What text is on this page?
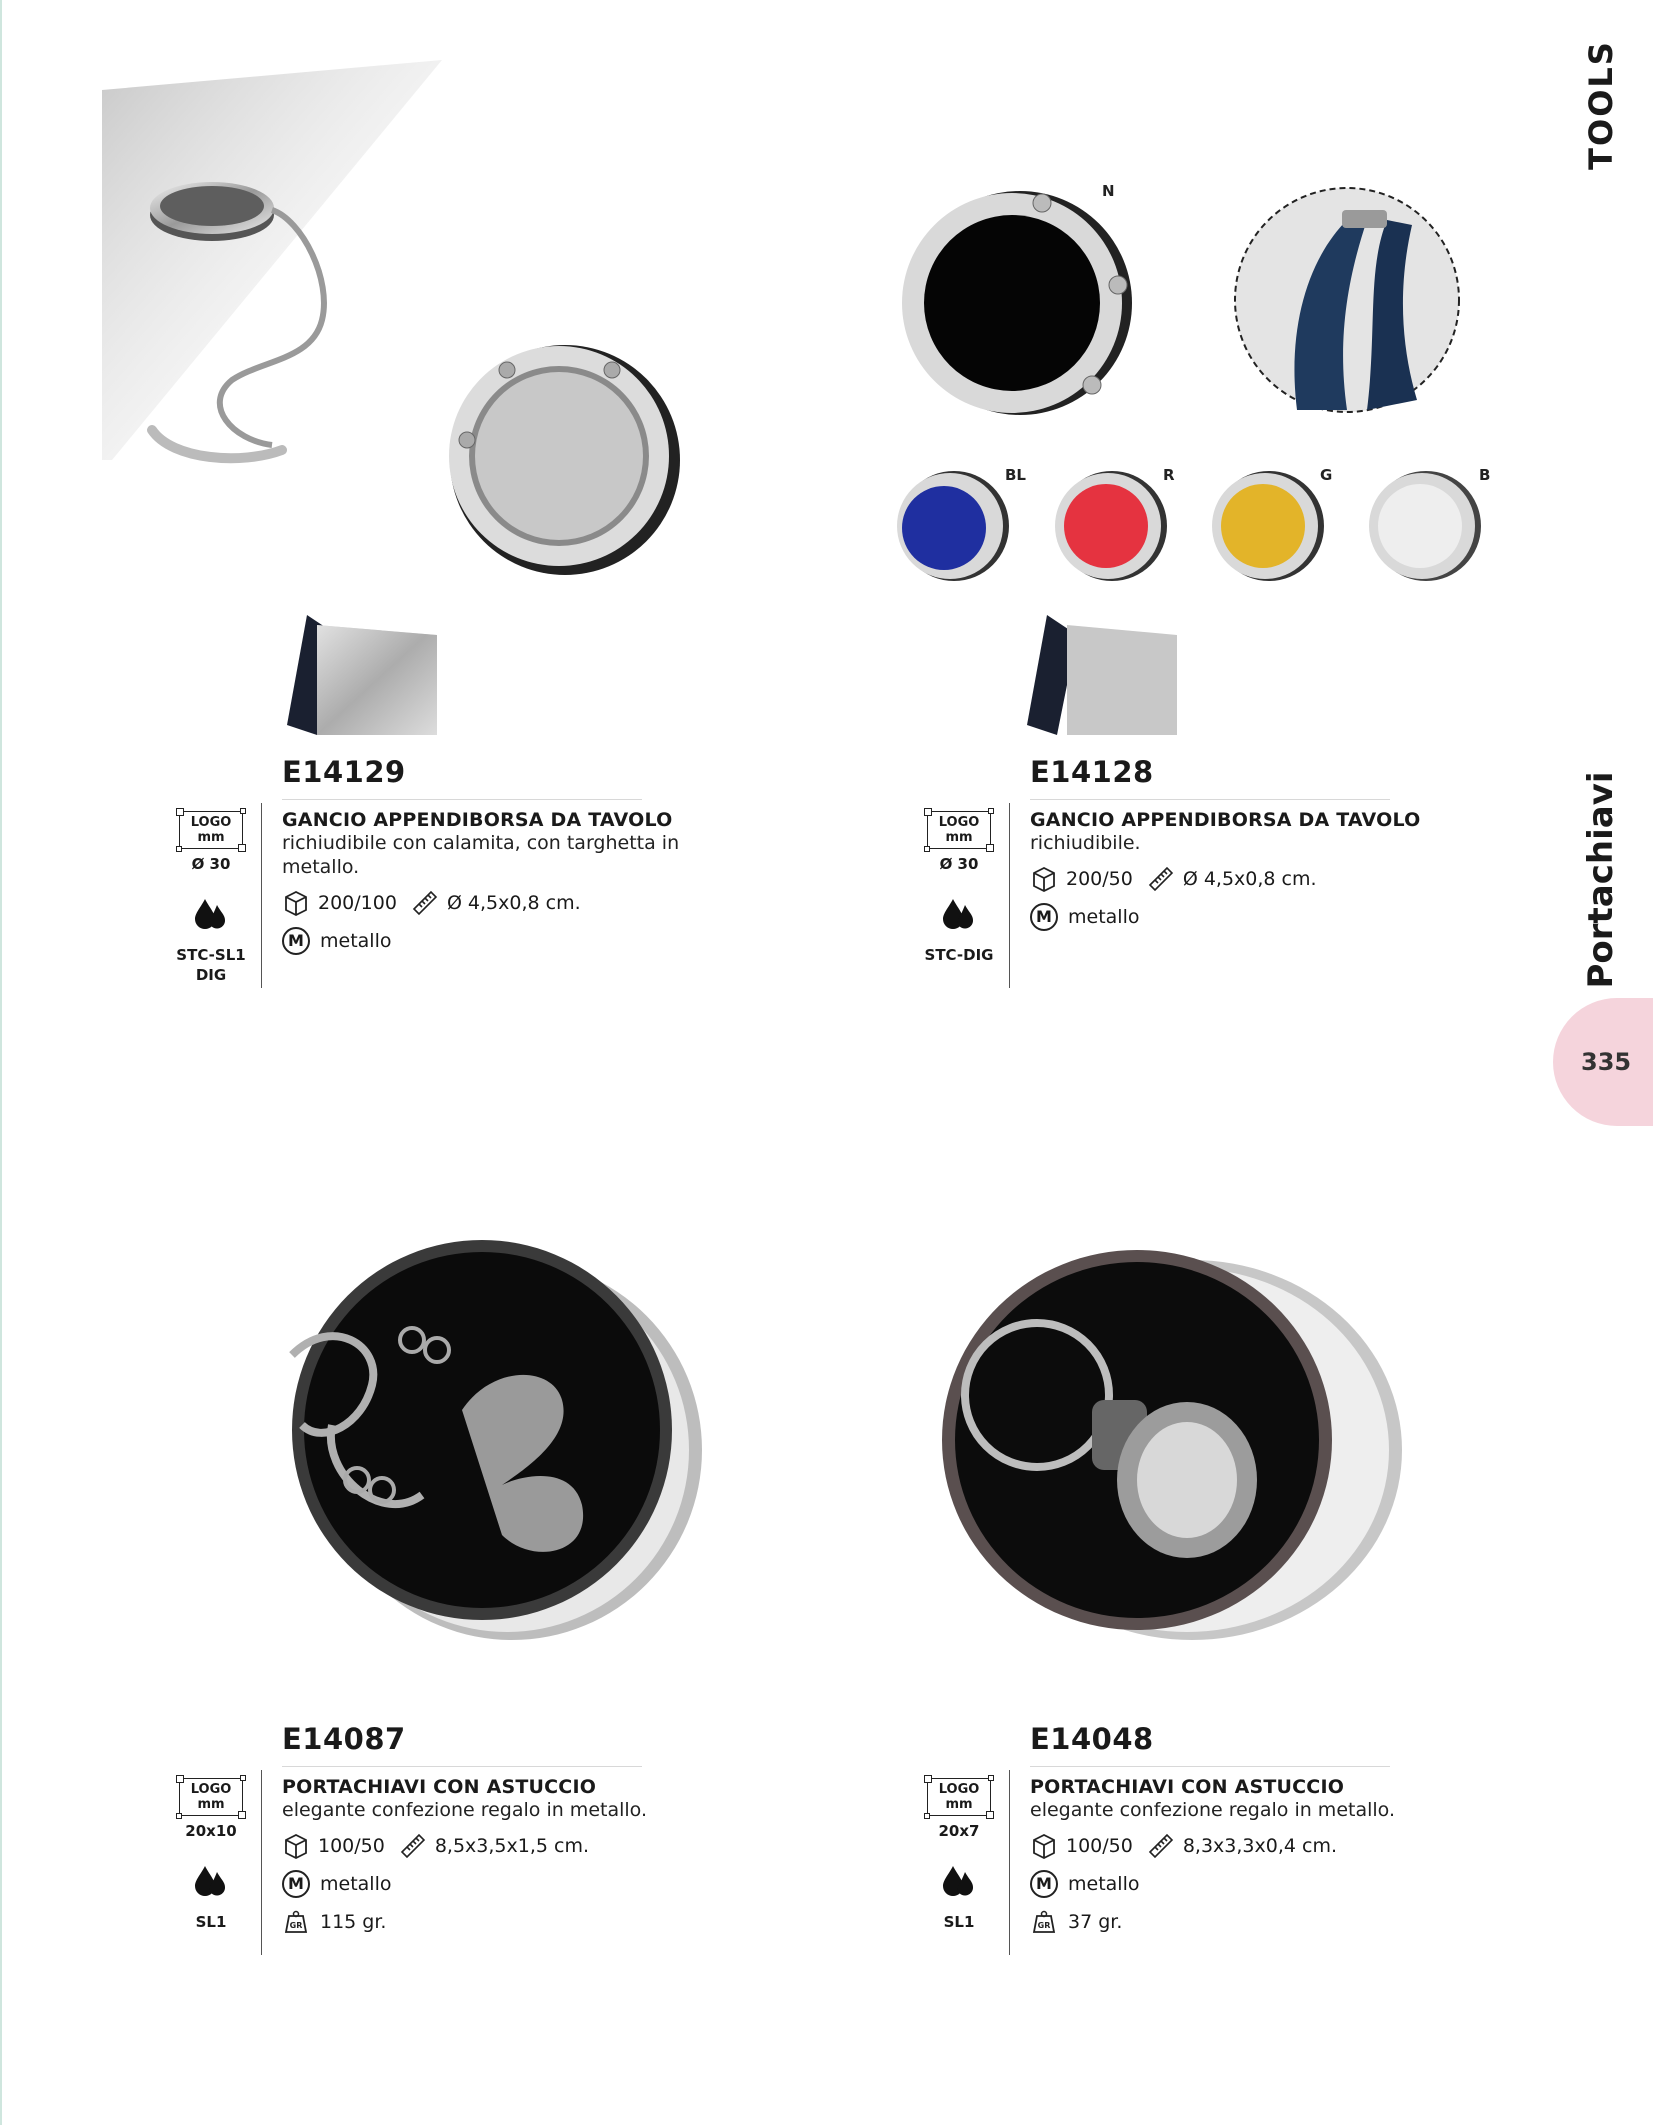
TOOLS
Portachiavi
335
N
BL	R	G	B
E14129
LOGO
mm
Ø 30
STC-SL1
DIG
GANCIO APPENDIBORSA DA TAVOLO
richiudibile con calamita, con targhetta in metallo.
200/100	Ø 4,5x0,8 cm.
M metallo
E14128
LOGO
mm
Ø 30
STC-DIG
GANCIO APPENDIBORSA DA TAVOLO
richiudibile.
200/50	Ø 4,5x0,8 cm.
M metallo
E14087
LOGO
mm
20x10
SL1
PORTACHIAVI CON ASTUCCIO
elegante confezione regalo in metallo.
100/50	8,5x3,5x1,5 cm.
M metallo
GR 115 gr.
E14048
LOGO
mm
20x7
SL1
PORTACHIAVI CON ASTUCCIO
elegante confezione regalo in metallo.
100/50	8,3x3,3x0,4 cm.
M metallo
GR 37 gr.
